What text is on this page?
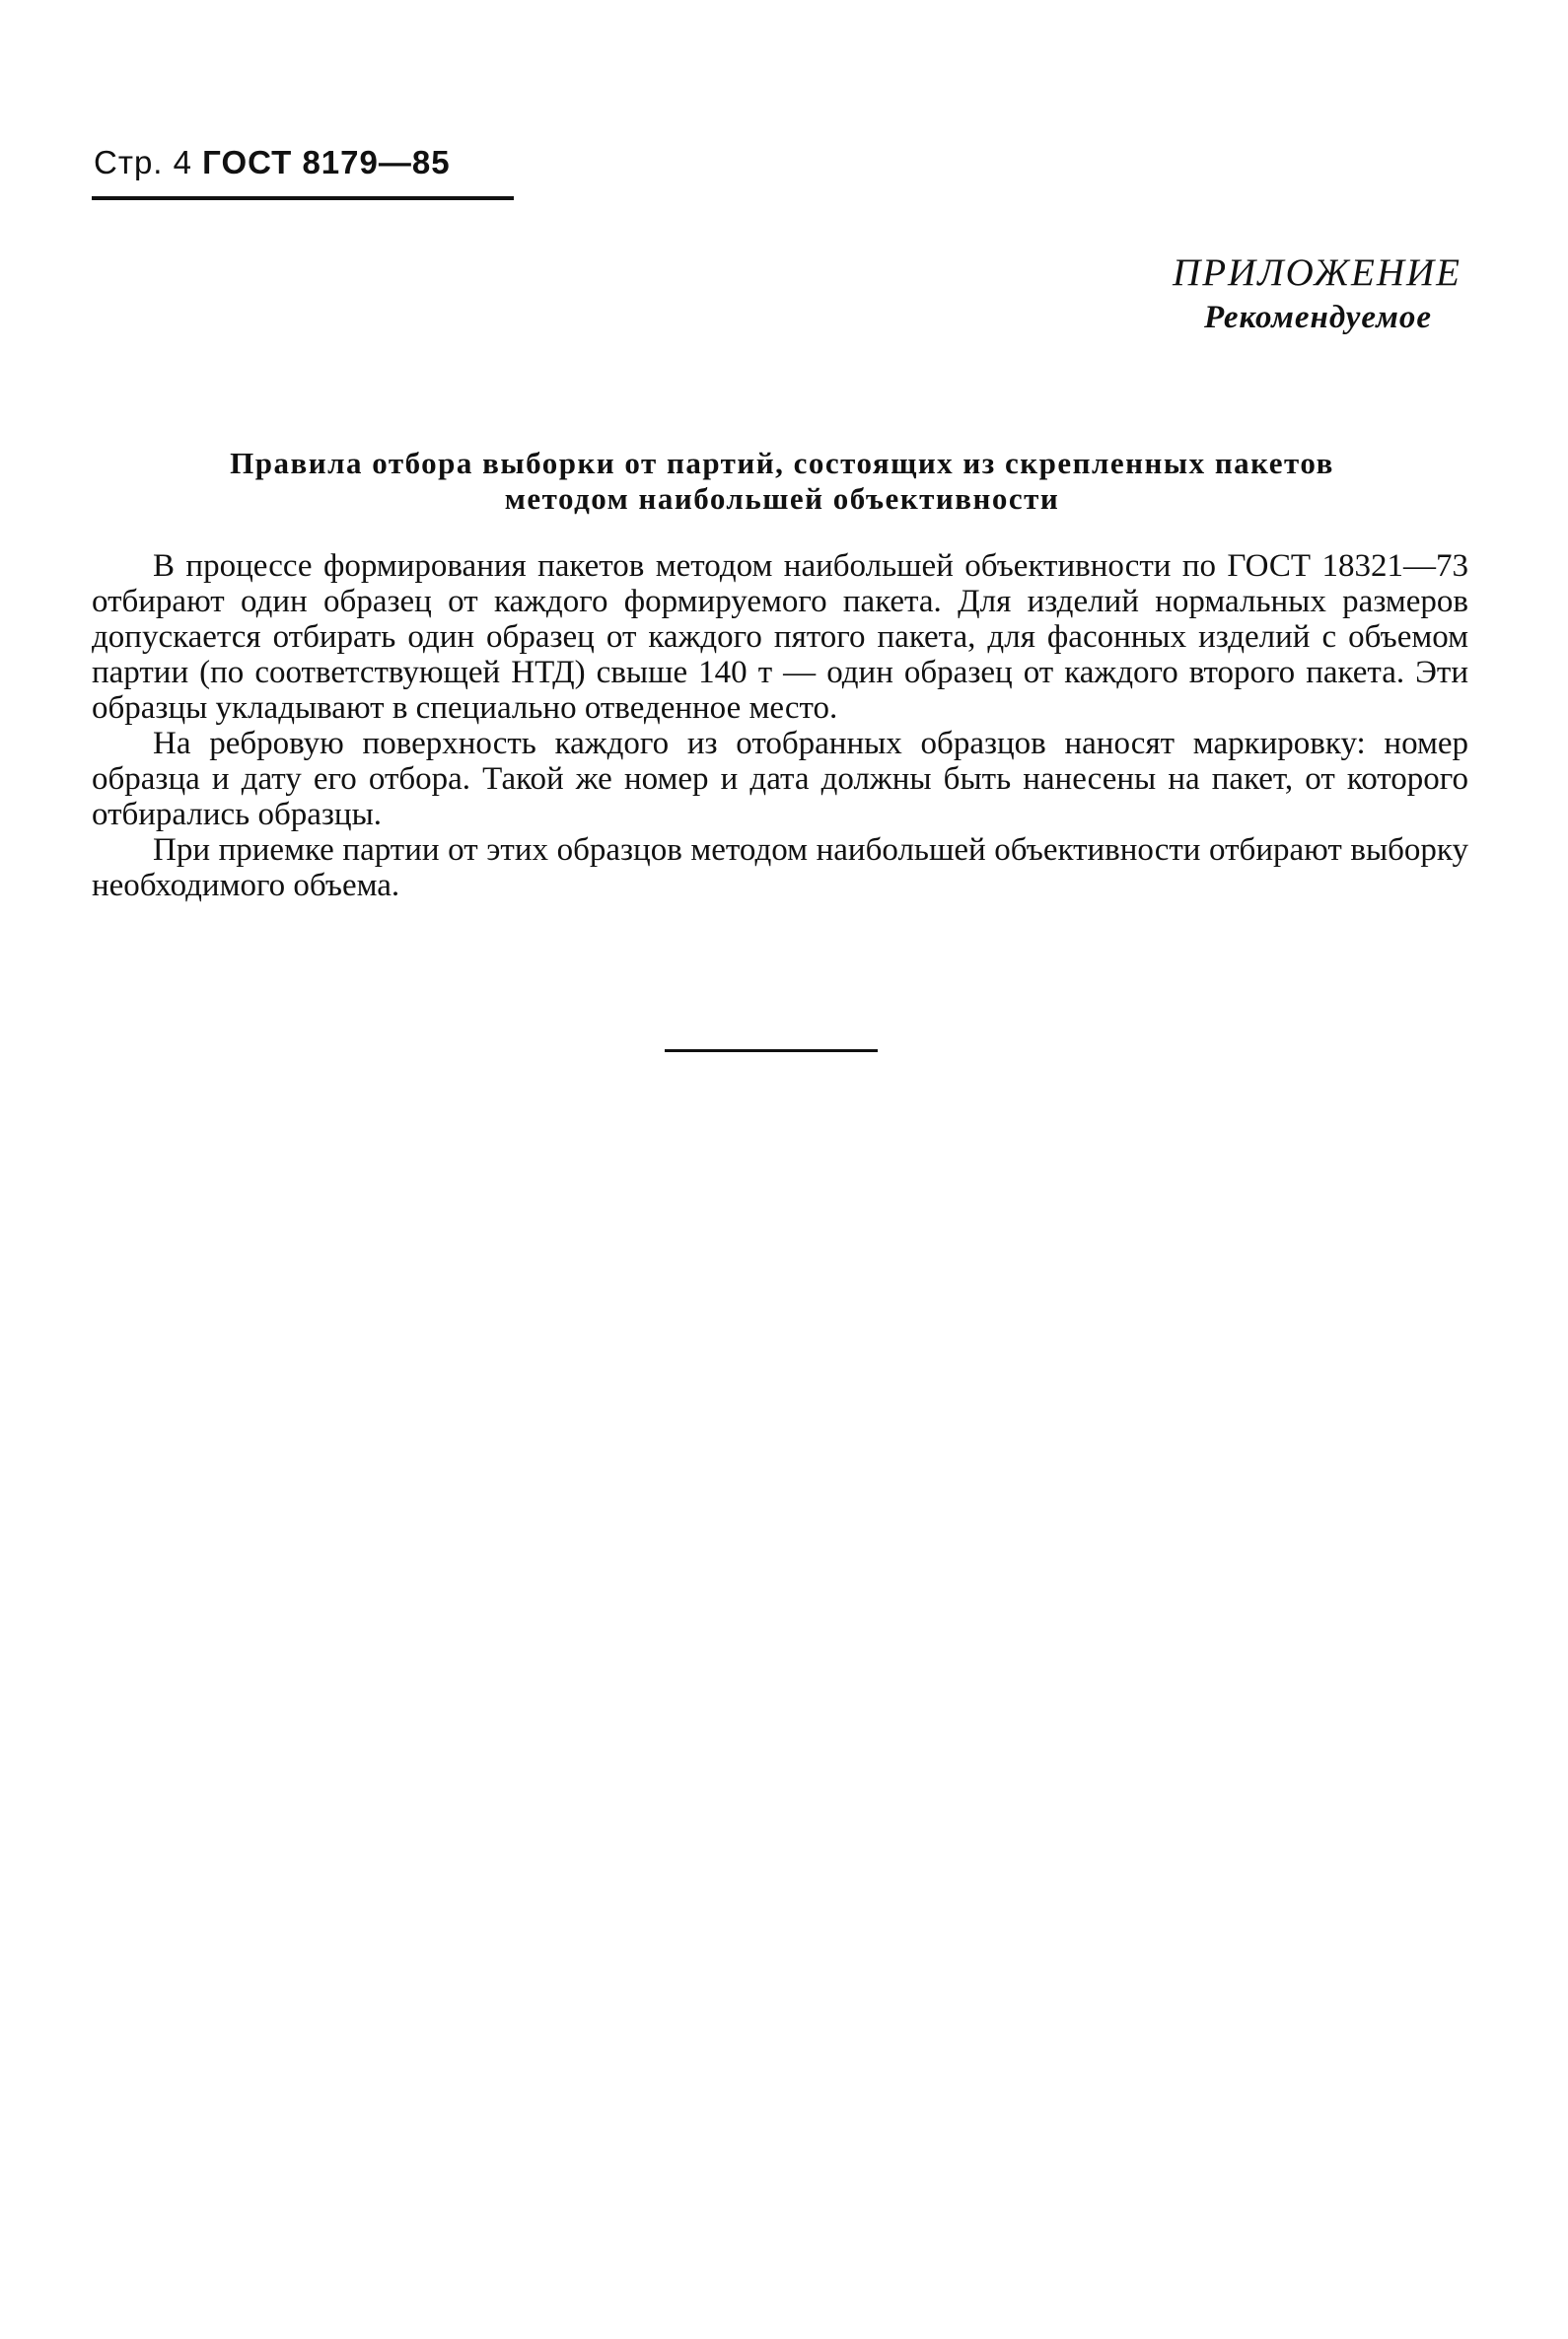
Стр. 4 ГОСТ 8179—85
ПРИЛОЖЕНИЕ
Рекомендуемое
Правила отбора выборки от партий, состоящих из скрепленных пакетов
методом наибольшей объективности

В процессе формирования пакетов методом наибольшей объективности по ГОСТ 18321—73 отбирают один образец от каждого формируемого пакета. Для изделий нормальных размеров допускается отбирать один образец от каждого пятого пакета, для фасонных изделий с объемом партии (по соответствующей НТД) свыше 140 т — один образец от каждого второго пакета. Эти образцы укладывают в специально отведенное место.

На ребровую поверхность каждого из отобранных образцов наносят маркировку: номер образца и дату его отбора. Такой же номер и дата должны быть нанесены на пакет, от которого отбирались образцы.

При приемке партии от этих образцов методом наибольшей объективности отбирают выборку необходимого объема.
